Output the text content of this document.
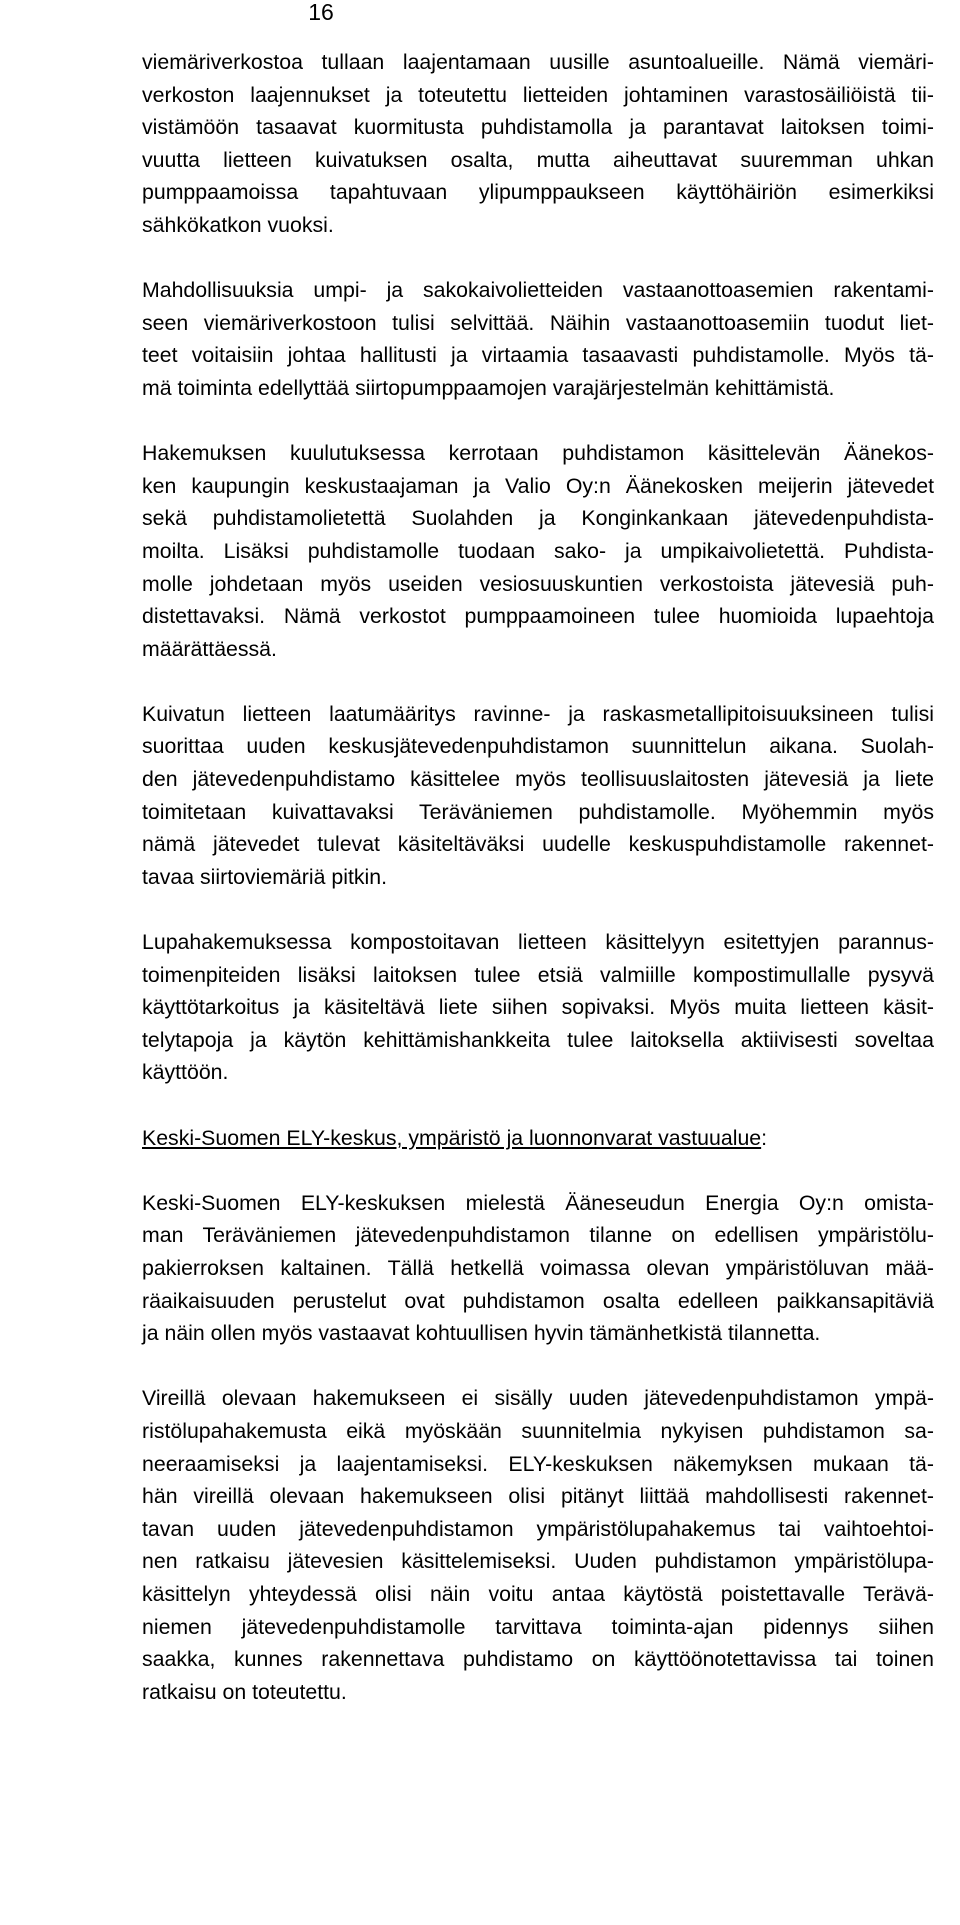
16
viemäriverkostoa tullaan laajentamaan uusille asuntoalueille. Nämä viemäri-
verkoston laajennukset ja toteutettu lietteiden johtaminen varastosäiliöistä tii-
vistämöön tasaavat kuormitusta puhdistamolla ja parantavat laitoksen toimi-
vuutta lietteen kuivatuksen osalta, mutta aiheuttavat suuremman uhkan
pumppaamoissa tapahtuvaan ylipumppaukseen käyttöhäiriön esimerkiksi
sähkökatkon vuoksi.
Mahdollisuuksia umpi- ja sakokaivolietteiden vastaanottoasemien rakentami-
seen viemäriverkostoon tulisi selvittää. Näihin vastaanottoasemiin tuodut liet-
teet voitaisiin johtaa hallitusti ja virtaamia tasaavasti puhdistamolle. Myös tä-
mä toiminta edellyttää siirtopumppaamojen varajärjestelmän kehittämistä.
Hakemuksen kuulutuksessa kerrotaan puhdistamon käsittelevän Äänekos-
ken kaupungin keskustaajaman ja Valio Oy:n Äänekosken meijerin jätevedet
sekä puhdistamolietettä Suolahden ja Konginkankaan jätevedenpuhdista-
moilta. Lisäksi puhdistamolle tuodaan sako- ja umpikaivolietettä. Puhdista-
molle johdetaan myös useiden vesiosuuskuntien verkostoista jätevesiä puh-
distettavaksi. Nämä verkostot pumppaamoineen tulee huomioida lupaehtoja
määrättäessä.
Kuivatun lietteen laatumääritys ravinne- ja raskasmetallipitoisuuksineen tulisi
suorittaa uuden keskusjätevedenpuhdistamon suunnittelun aikana. Suolah-
den jätevedenpuhdistamo käsittelee myös teollisuuslaitosten jätevesiä ja liete
toimitetaan kuivattavaksi Teräväniemen puhdistamolle. Myöhemmin myös
nämä jätevedet tulevat käsiteltäväksi uudelle keskuspuhdistamolle rakennet-
tavaa siirtoviemäriä pitkin.
Lupahakemuksessa kompostoitavan lietteen käsittelyyn esitettyjen parannus-
toimenpiteiden lisäksi laitoksen tulee etsiä valmiille kompostimullalle pysyvä
käyttötarkoitus ja käsiteltävä liete siihen sopivaksi. Myös muita lietteen käsit-
telytapoja ja käytön kehittämishankkeita tulee laitoksella aktiivisesti soveltaa
käyttöön.
Keski-Suomen ELY-keskus, ympäristö ja luonnonvarat vastuualue:
Keski-Suomen ELY-keskuksen mielestä Ääneseudun Energia Oy:n omista-
man Teräväniemen jätevedenpuhdistamon tilanne on edellisen ympäristölu-
pakierroksen kaltainen. Tällä hetkellä voimassa olevan ympäristöluvan mää-
räaikaisuuden perustelut ovat puhdistamon osalta edelleen paikkansapitäviä
ja näin ollen myös vastaavat kohtuullisen hyvin tämänhetkistä tilannetta.
Vireillä olevaan hakemukseen ei sisälly uuden jätevedenpuhdistamon ympä-
ristölupahakemusta eikä myöskään suunnitelmia nykyisen puhdistamon sa-
neeraamiseksi ja laajentamiseksi. ELY-keskuksen näkemyksen mukaan tä-
hän vireillä olevaan hakemukseen olisi pitänyt liittää mahdollisesti rakennet-
tavan uuden jätevedenpuhdistamon ympäristölupahakemus tai vaihtoehtoi-
nen ratkaisu jätevesien käsittelemiseksi. Uuden puhdistamon ympäristölupa-
käsittelyn yhteydessä olisi näin voitu antaa käytöstä poistettavalle Terävä-
niemen jätevedenpuhdistamolle tarvittava toiminta-ajan pidennys siihen
saakka, kunnes rakennettava puhdistamo on käyttöönotettavissa tai toinen
ratkaisu on toteutettu.
